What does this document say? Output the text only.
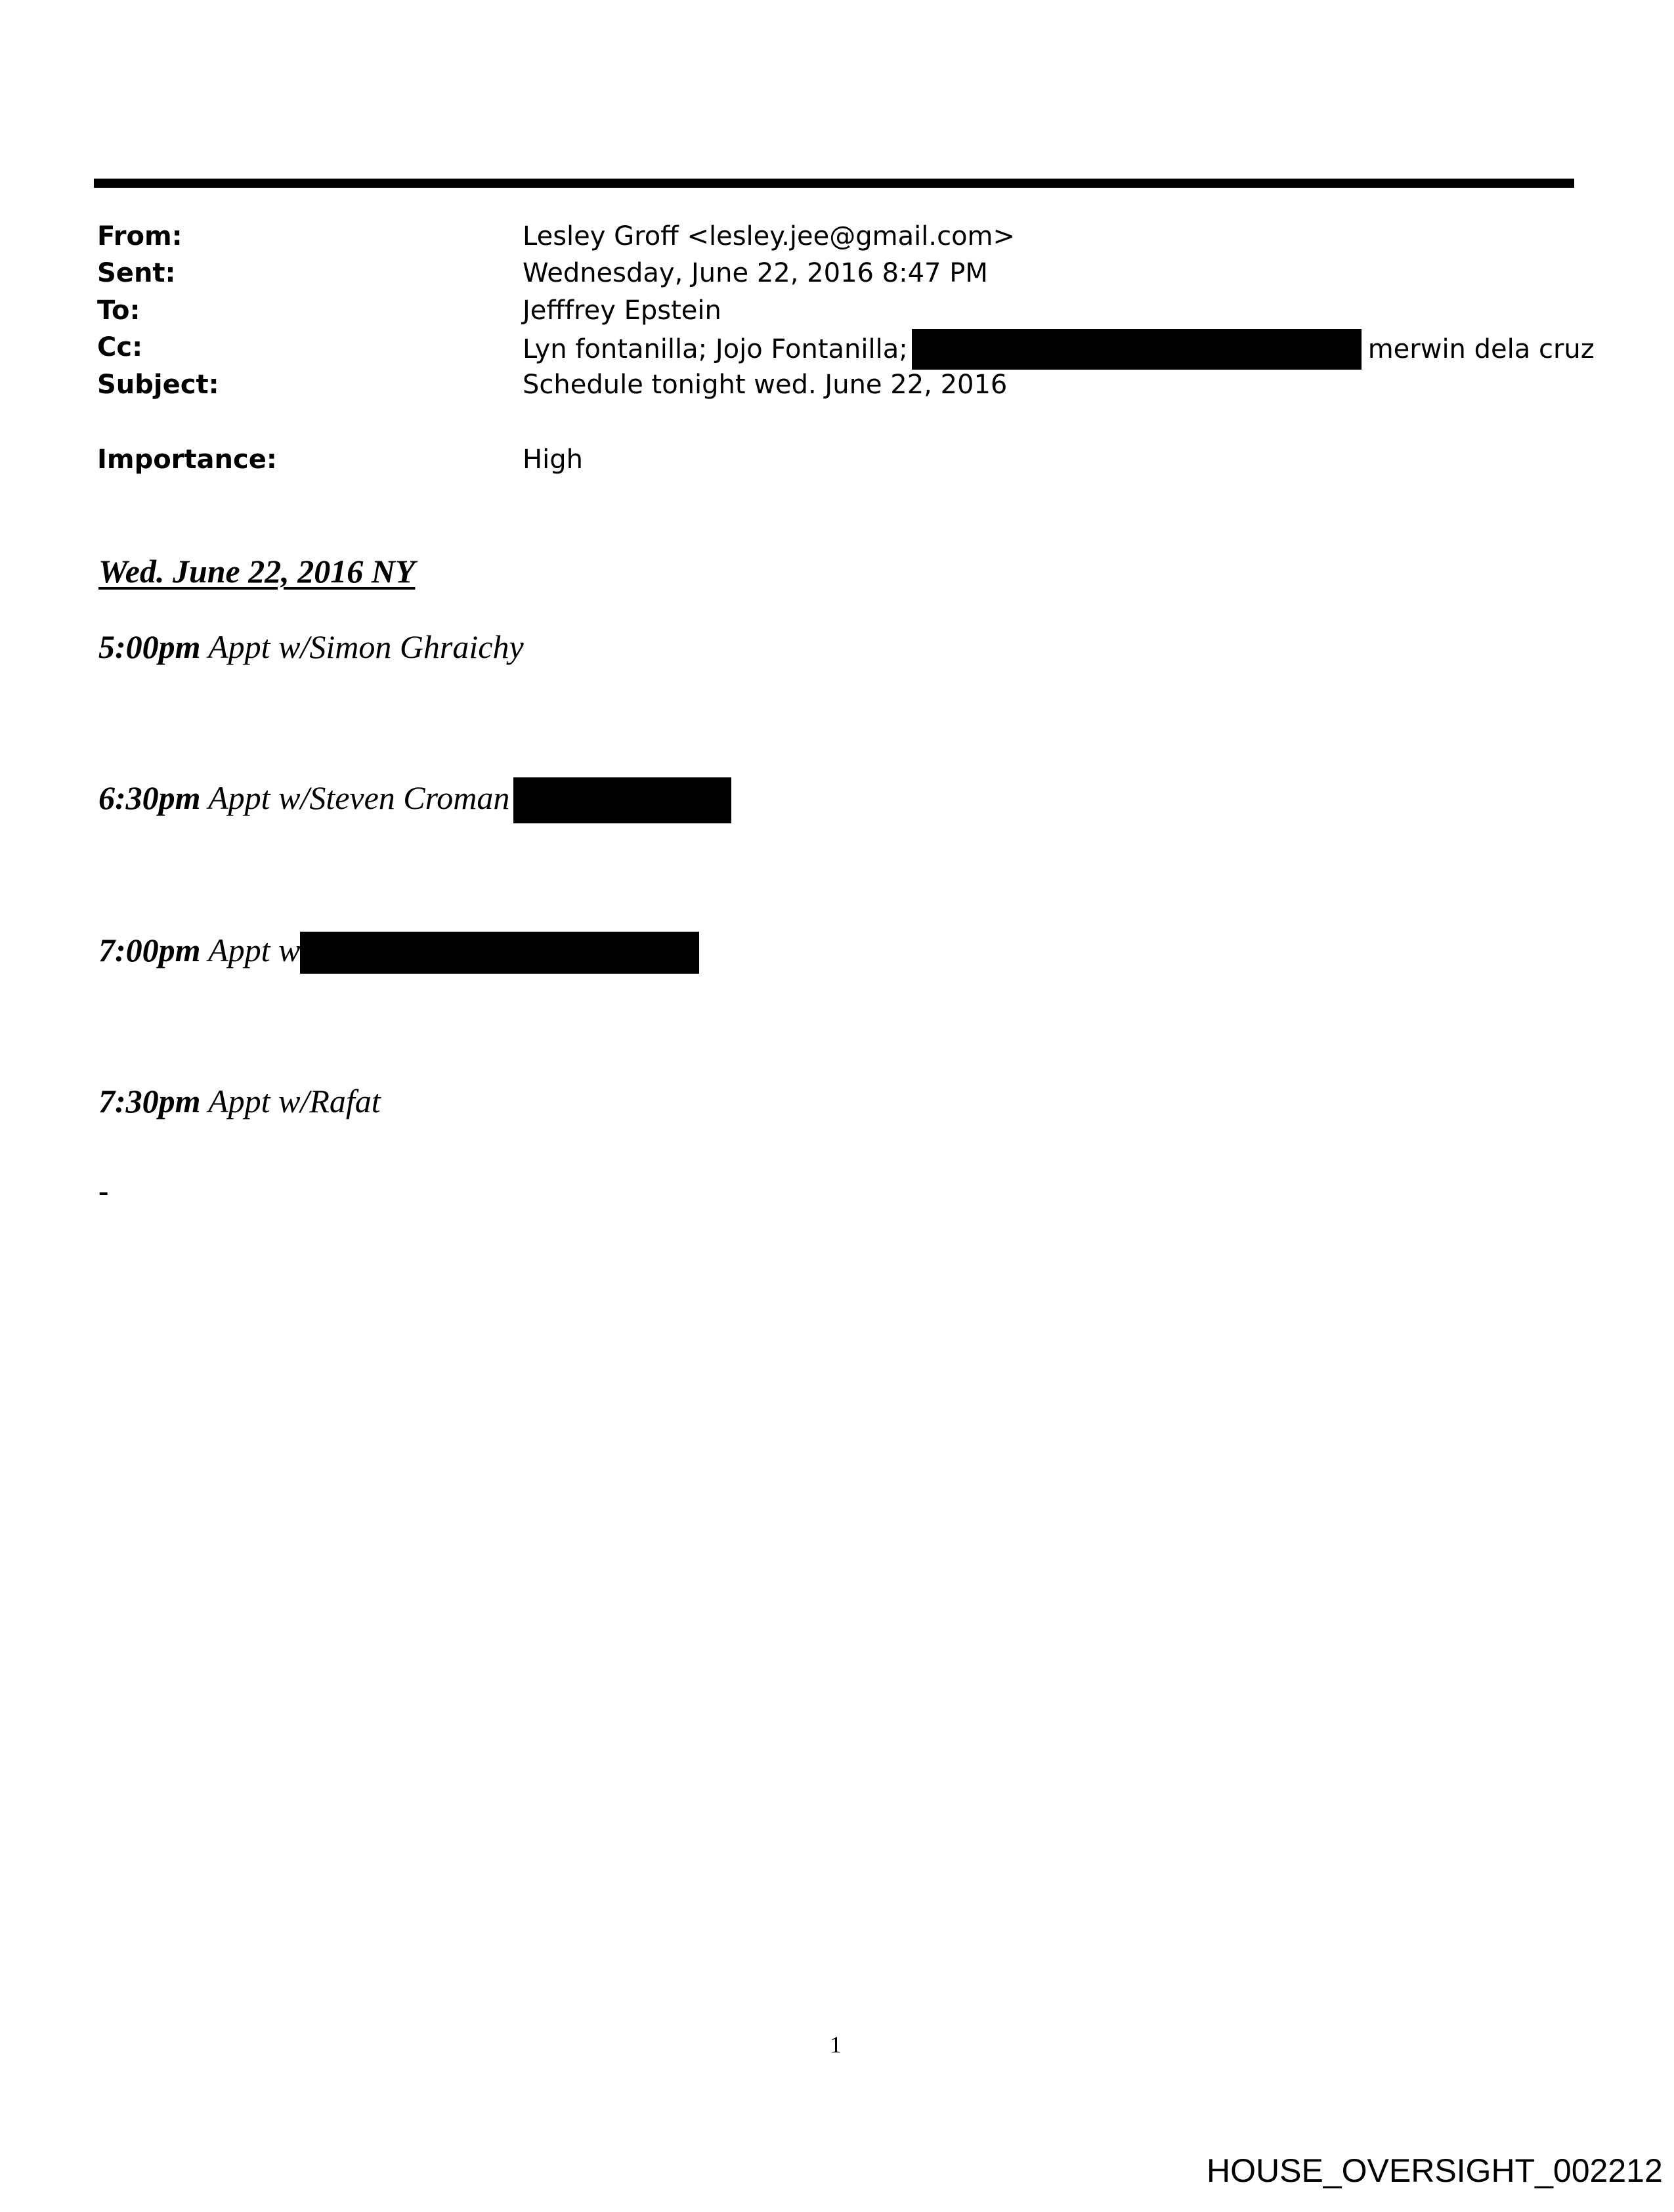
From:	Lesley Groff <lesley.jee@gmail.com>
Sent:	Wednesday, June 22, 2016 8:47 PM
To:	Jefffrey Epstein
Cc:	Lyn fontanilla; Jojo Fontanilla;	merwin dela cruz
Subject:	Schedule tonight wed. June 22, 2016
Importance:	High
Wed. June 22, 2016 NY
5:00pm Appt w/Simon Ghraichy
6:30pm Appt w/Steven Croman
7:00pm Appt w
7:30pm Appt w/Rafat
-
1
HOUSE_OVERSIGHT_002212
